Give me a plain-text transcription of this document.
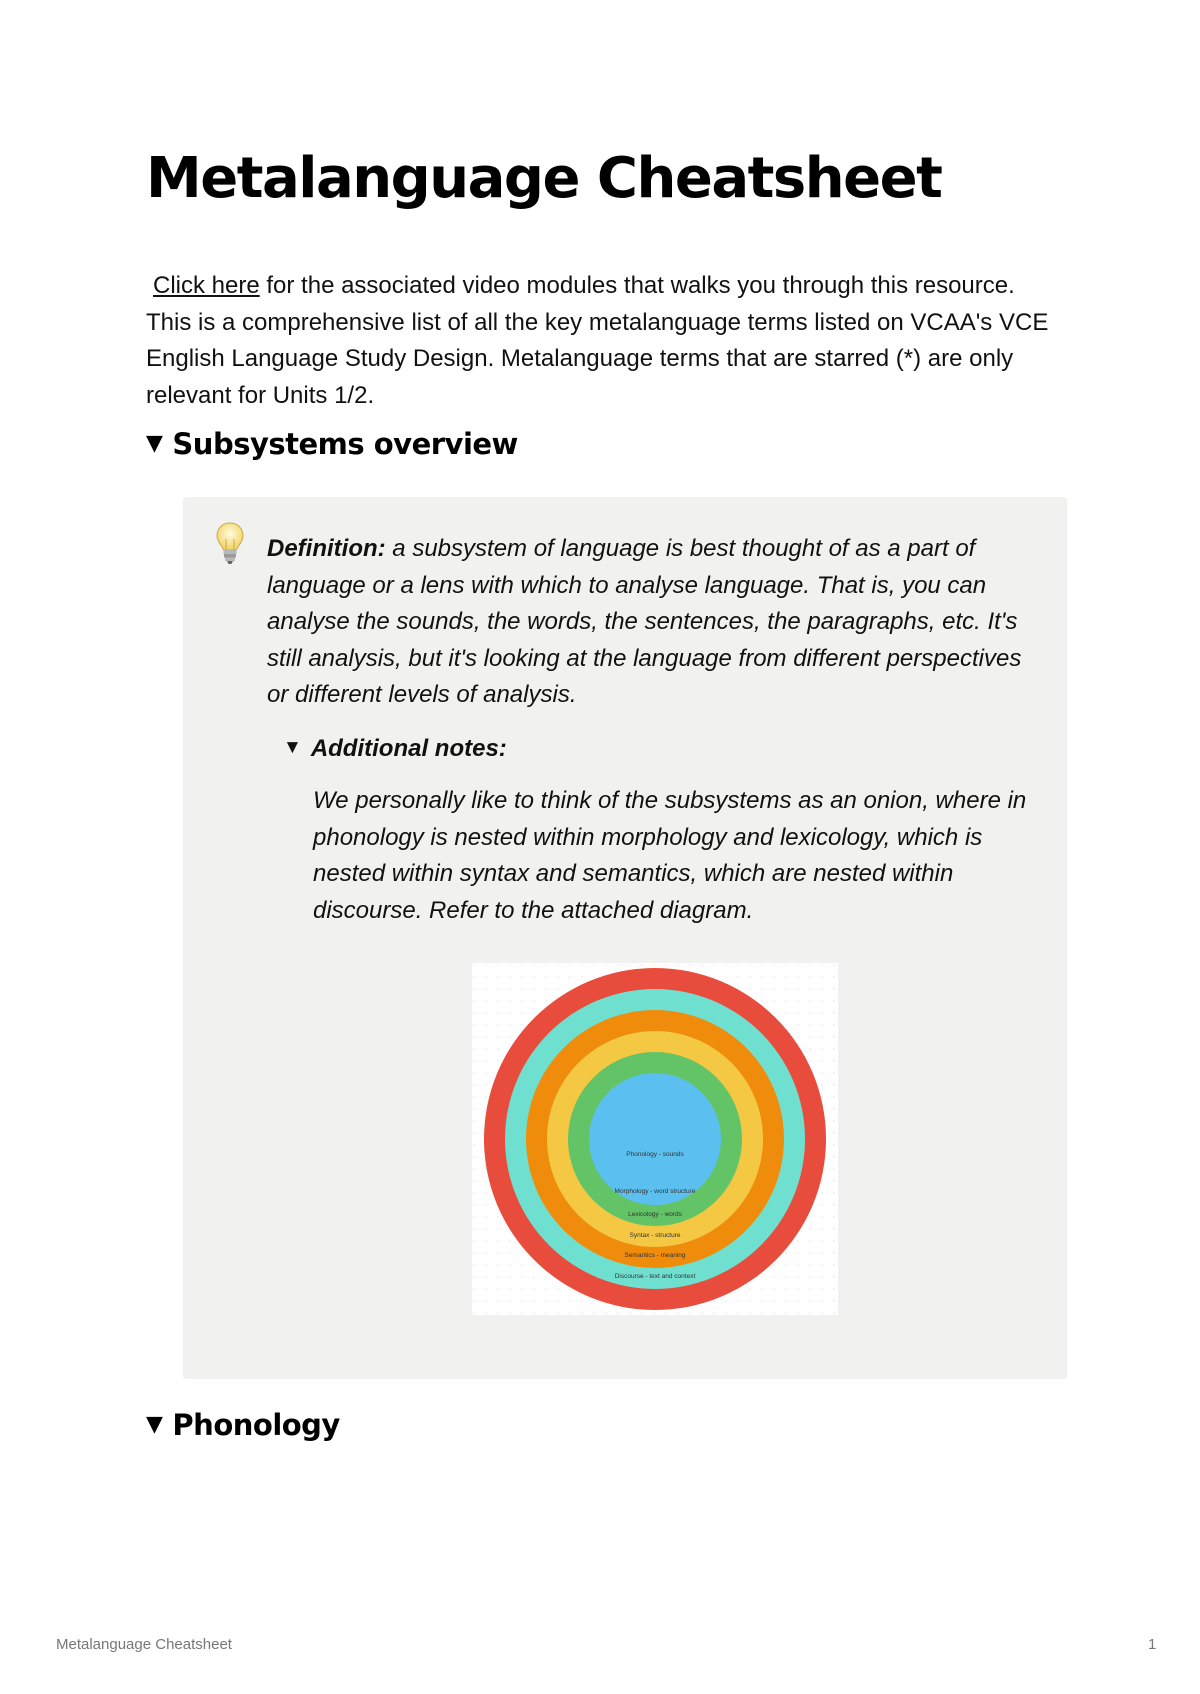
Metalanguage Cheatsheet

Click here for the associated video modules that walks you through this resource. This is a comprehensive list of all the key metalanguage terms listed on VCAA's VCE English Language Study Design. Metalanguage terms that are starred (*) are only relevant for Units 1/2.

▼ Subsystems overview

Definition: a subsystem of language is best thought of as a part of language or a lens with which to analyse language. That is, you can analyse the sounds, the words, the sentences, the paragraphs, etc. It's still analysis, but it's looking at the language from different perspectives or different levels of analysis.

▼ Additional notes:

We personally like to think of the subsystems as an onion, where in phonology is nested within morphology and lexicology, which is nested within syntax and semantics, which are nested within discourse. Refer to the attached diagram.

Phonology - sounds
Morphology - word structure
Lexicology - words
Syntax - structure
Semantics - meaning
Discourse - text and context
▼ Phonology
Metalanguage Cheatsheet	1
